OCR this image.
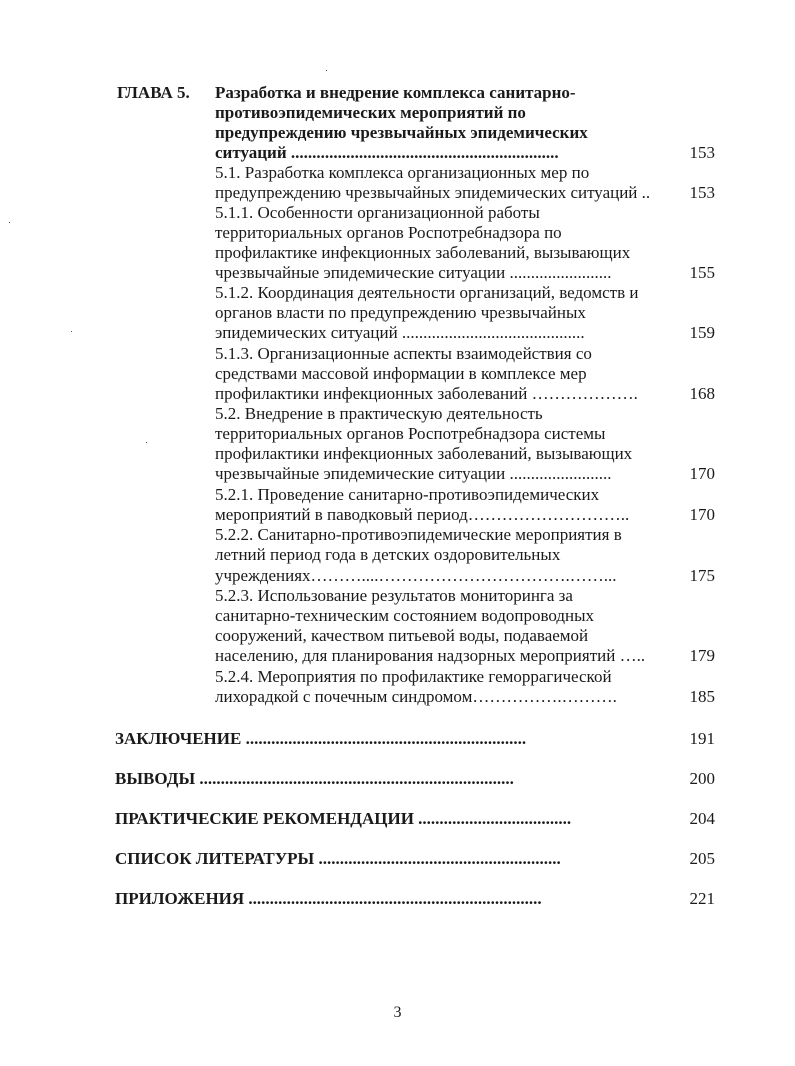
ГЛАВА 5. Разработка и внедрение комплекса санитарно-
противоэпидемических мероприятий по
предупреждению чрезвычайных эпидемических
ситуаций ...............................................................	153
5.1. Разработка комплекса организационных мер по
предупреждению чрезвычайных эпидемических ситуаций ..	153
5.1.1. Особенности организационной работы
территориальных органов Роспотребнадзора по
профилактике инфекционных заболеваний, вызывающих
чрезвычайные эпидемические ситуации ........................	155
5.1.2. Координация деятельности организаций, ведомств и
органов власти по предупреждению чрезвычайных
эпидемических ситуаций ...........................................	159
5.1.3. Организационные аспекты взаимодействия со
средствами массовой информации в комплексе мер
профилактики инфекционных заболеваний ……………….	168
5.2. Внедрение в практическую деятельность
территориальных органов Роспотребнадзора системы
профилактики инфекционных заболеваний, вызывающих
чрезвычайные эпидемические ситуации ........................	170
5.2.1. Проведение санитарно-противоэпидемических
мероприятий в паводковый период………………………..	170
5.2.2. Санитарно-противоэпидемические мероприятия в
летний период года в детских оздоровительных
учреждениях………....…………………………….……...	175
5.2.3. Использование результатов мониторинга за
санитарно-техническим состоянием водопроводных
сооружений, качеством питьевой воды, подаваемой
населению, для планирования надзорных мероприятий …..	179
5.2.4. Мероприятия по профилактике геморрагической
лихорадкой с почечным синдромом…………….……….	185
ЗАКЛЮЧЕНИЕ ..................................................................	191
ВЫВОДЫ ..........................................................................	200
ПРАКТИЧЕСКИЕ РЕКОМЕНДАЦИИ ....................................	204
СПИСОК ЛИТЕРАТУРЫ .........................................................	205
ПРИЛОЖЕНИЯ .....................................................................	221
3
